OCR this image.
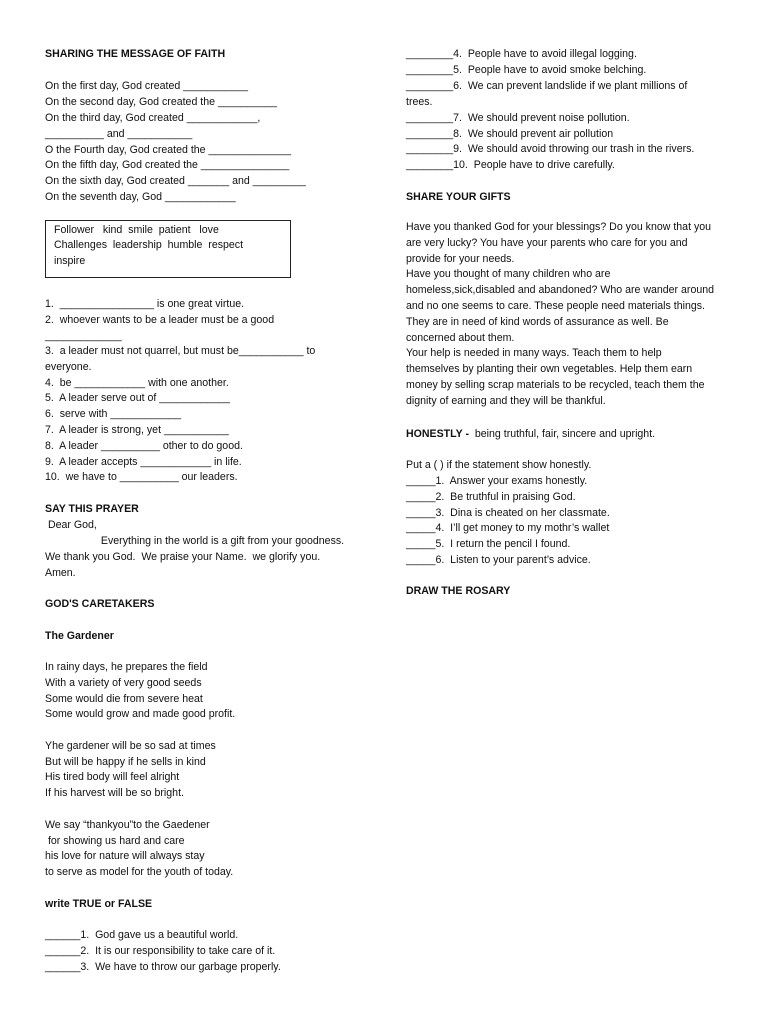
SHARING THE MESSAGE OF FAITH
On the first day, God created ___________
On the second day, God created the __________
On the third day, God created ____________,
__________ and ___________
O the Fourth day, God created the ______________
On the fifth day, God created the _______________
On the sixth day, God created _______ and _________
On the seventh day, God ____________
Follower   kind  smile  patient   love
Challenges  leadership  humble  respect
inspire
1.  ________________ is one great virtue.
2.  whoever wants to be a leader must be a good
_____________
3.  a leader must not quarrel, but must be___________ to
everyone.
4.  be ____________ with one another.
5.  A leader serve out of ____________
6.  serve with ____________
7.  A leader is strong, yet ___________
8.  A leader __________ other to do good.
9.  A leader accepts ____________ in life.
10.  we have to __________ our leaders.
SAY THIS PRAYER
Dear God,
Everything in the world is a gift from your goodness.
We thank you God.  We praise your Name.  we glorify you.
Amen.
GOD'S CARETAKERS
The Gardener
In rainy days, he prepares the field
With a variety of very good seeds
Some would die from severe heat
Some would grow and made good profit.
Yhe gardener will be so sad at times
But will be happy if he sells in kind
His tired body will feel alright
If his harvest will be so bright.
We say “thankyou”to the Gaedener
for showing us hard and care
his love for nature will always stay
to serve as model for the youth of today.
write TRUE or FALSE
______1.  God gave us a beautiful world.
______2.  It is our responsibility to take care of it.
______3.  We have to throw our garbage properly.
________4.  People have to avoid illegal logging.
________5.  People have to avoid smoke belching.
________6.  We can prevent landslide if we plant millions of
trees.
________7.  We should prevent noise pollution.
________8.  We should prevent air pollution
________9.  We should avoid throwing our trash in the rivers.
________10.  People have to drive carefully.
SHARE YOUR GIFTS
Have you thanked God for your blessings? Do you know that you are very lucky? You have your parents who care for you and provide for your needs.
Have you thought of many children who are homeless,sick,disabled and abandoned? Who are wander around and no one seems to care. These people need materials things. They are in need of kind words of assurance as well. Be concerned about them.
Your help is needed in many ways. Teach them to help themselves by planting their own vegetables. Help them earn money by selling scrap materials to be recycled, teach them the dignity of earning and they will be thankful.
HONESTLY -  being truthful, fair, sincere and upright.
Put a ( ) if the statement show honestly.
_____1.  Answer your exams honestly.
_____2.  Be truthful in praising God.
_____3.  Dina is cheated on her classmate.
_____4.  I’ll get money to my mothr’s wallet
_____5.  I return the pencil I found.
_____6.  Listen to your parent’s advice.
DRAW THE ROSARY
